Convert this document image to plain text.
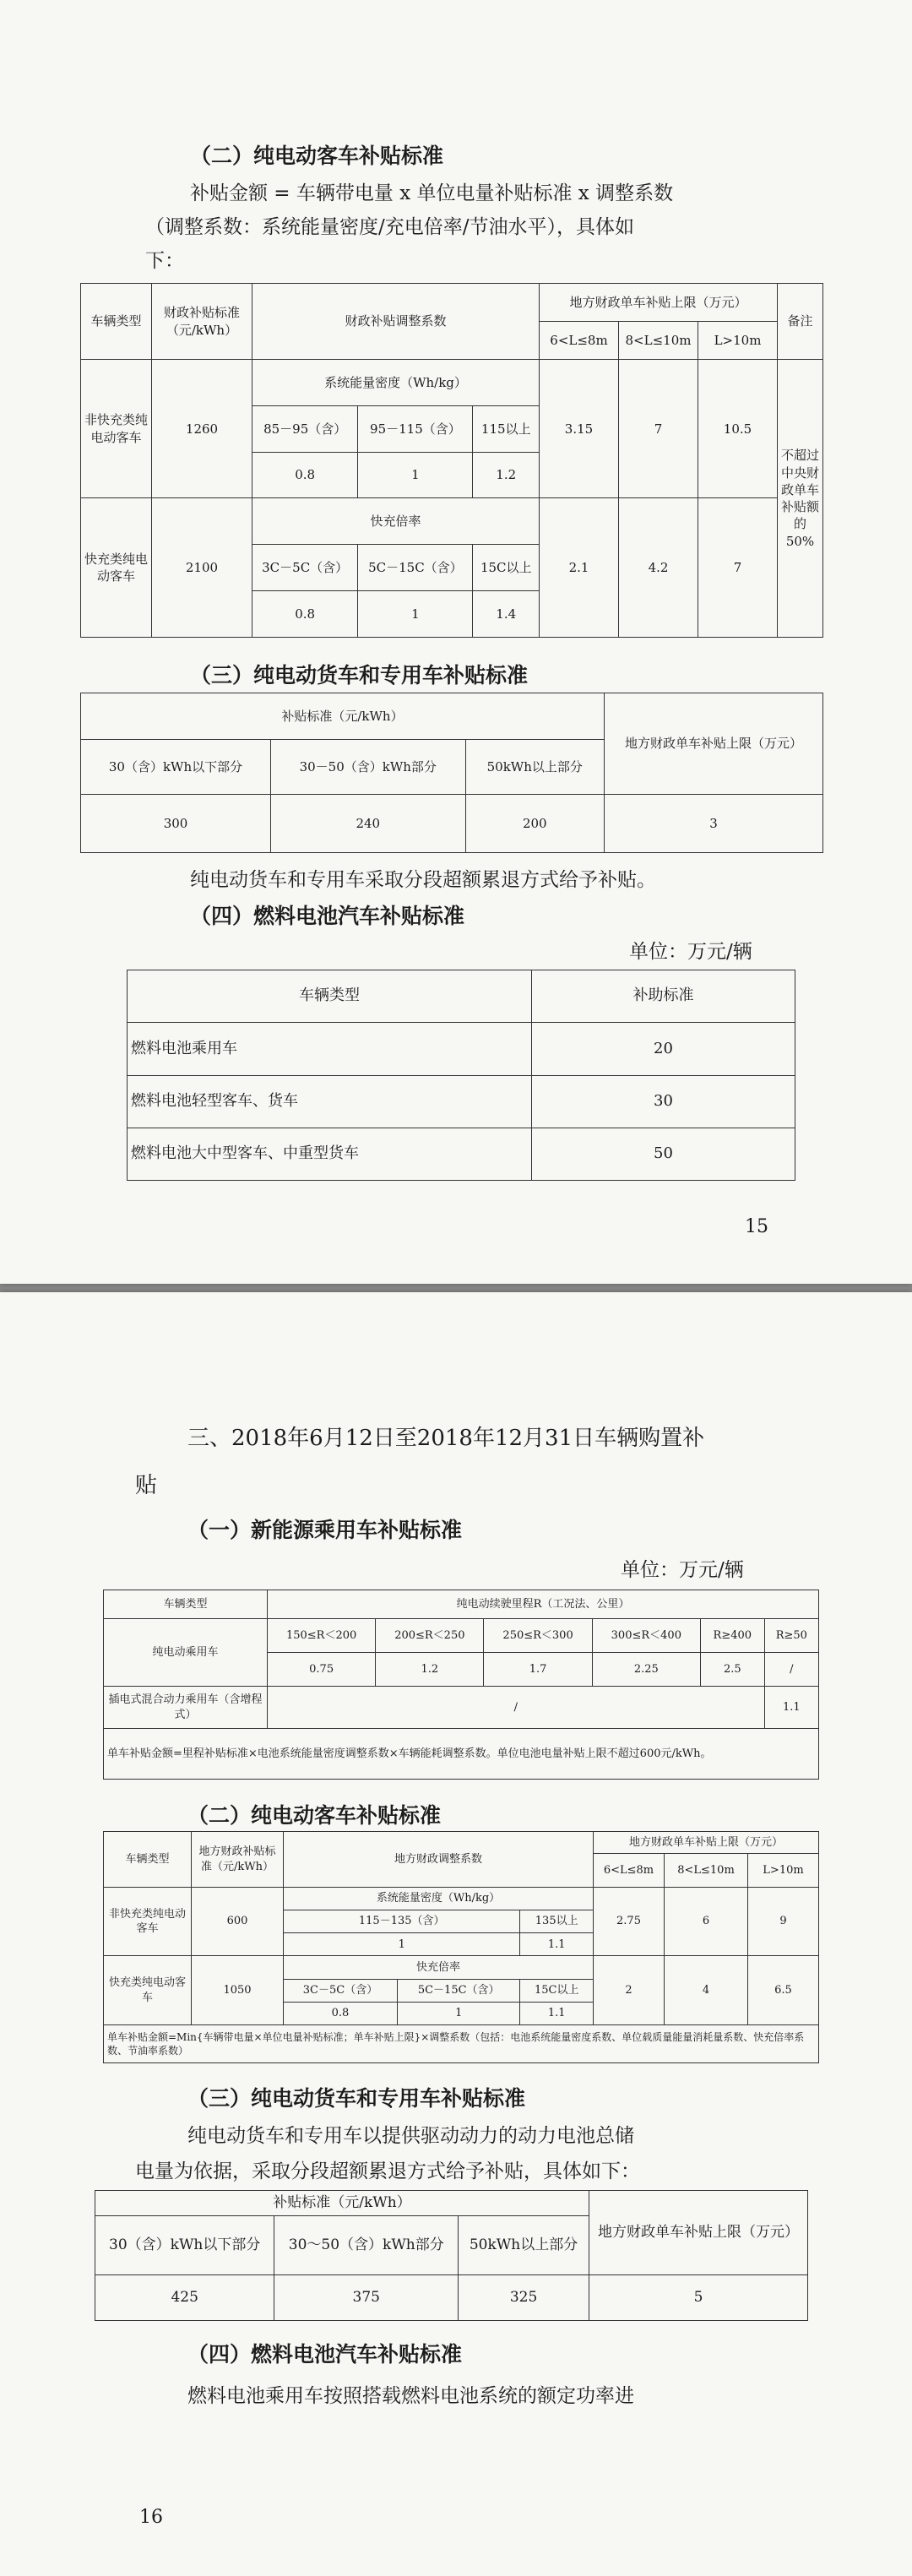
（二）纯电动客车补贴标准
补贴金额 = 车辆带电量 x 单位电量补贴标准 x 调整系数
（调整系数：系统能量密度/充电倍率/节油水平），具体如
下：
车辆类型	财政补贴标准（元/kWh）	财政补贴调整系数			地方财政单车补贴上限（万元）			备注
					6<L≤8m	8<L≤10m	L>10m	
非快充类纯电动客车	1260	系统能量密度（Wh/kg）			3.15	7	10.5	不超过中央财政单车补贴额的50%
		85－95（含）	95－115（含）	115以上				
		0.8	1	1.2				
快充类纯电动客车	2100	快充倍率			2.1	4.2	7	
		3C－5C（含）	5C－15C（含）	15C以上				
		0.8	1	1.4				
（三）纯电动货车和专用车补贴标准
补贴标准（元/kWh）			地方财政单车补贴上限（万元）
30（含）kWh以下部分	30－50（含）kWh部分	50kWh以上部分	
300	240	200	3
纯电动货车和专用车采取分段超额累退方式给予补贴。
（四）燃料电池汽车补贴标准
单位：万元/辆
车辆类型	补助标准
燃料电池乘用车	20
燃料电池轻型客车、货车	30
燃料电池大中型客车、中重型货车	50
15
三、2018年6月12日至2018年12月31日车辆购置补
贴
（一）新能源乘用车补贴标准
单位：万元/辆
车辆类型	纯电动续驶里程R（工况法、公里）					
纯电动乘用车	150≤R＜200	200≤R＜250	250≤R＜300	300≤R＜400	R≥400	R≥50
	0.75	1.2	1.7	2.25	2.5	/
插电式混合动力乘用车（含增程式）	/					1.1
单车补贴金额=里程补贴标准×电池系统能量密度调整系数×车辆能耗调整系数。单位电池电量补贴上限不超过600元/kWh。						
（二）纯电动客车补贴标准
车辆类型	地方财政补贴标准（元/kWh）	地方财政调整系数			地方财政单车补贴上限（万元）		
					6<L≤8m	8<L≤10m	L>10m
非快充类纯电动客车	600	系统能量密度（Wh/kg）			2.75	6	9
		115－135（含）		135以上			
		1		1.1			
快充类纯电动客车	1050	快充倍率			2	4	6.5
		3C－5C（含）	5C－15C（含）	15C以上			
		0.8	1	1.1			
单车补贴金额=Min{车辆带电量×单位电量补贴标准；单车补贴上限}×调整系数（包括：电池系统能量密度系数、单位载质量能量消耗量系数、快充倍率系数、节油率系数）							
（三）纯电动货车和专用车补贴标准
纯电动货车和专用车以提供驱动动力的动力电池总储
电量为依据，采取分段超额累退方式给予补贴，具体如下：
补贴标准（元/kWh）			地方财政单车补贴上限（万元）
30（含）kWh以下部分	30～50（含）kWh部分	50kWh以上部分	
425	375	325	5
（四）燃料电池汽车补贴标准
燃料电池乘用车按照搭载燃料电池系统的额定功率进
16
